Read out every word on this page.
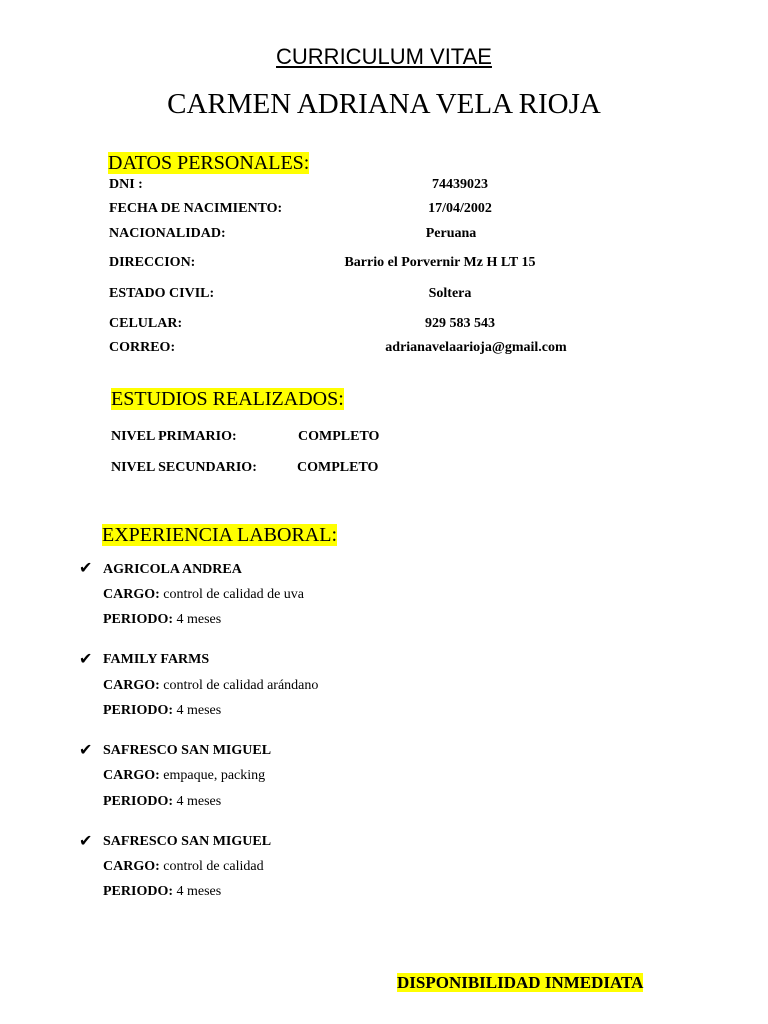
CURRICULUM VITAE
CARMEN ADRIANA VELA RIOJA
DATOS PERSONALES:
DNI :	74439023
FECHA DE NACIMIENTO:	17/04/2002
NACIONALIDAD:	Peruana
DIRECCION:	Barrio el Porvernir Mz H LT 15
ESTADO CIVIL:	Soltera
CELULAR:	929 583 543
CORREO:	adrianavelaarioja@gmail.com
ESTUDIOS REALIZADOS:
NIVEL PRIMARIO:	COMPLETO
NIVEL SECUNDARIO:	COMPLETO
EXPERIENCIA LABORAL:
✔ AGRICOLA ANDREA
CARGO: control de calidad de uva
PERIODO: 4 meses
✔ FAMILY FARMS
CARGO: control de calidad arándano
PERIODO: 4 meses
✔ SAFRESCO SAN MIGUEL
CARGO: empaque, packing
PERIODO: 4 meses
✔ SAFRESCO SAN MIGUEL
CARGO: control de calidad
PERIODO: 4 meses
DISPONIBILIDAD INMEDIATA
